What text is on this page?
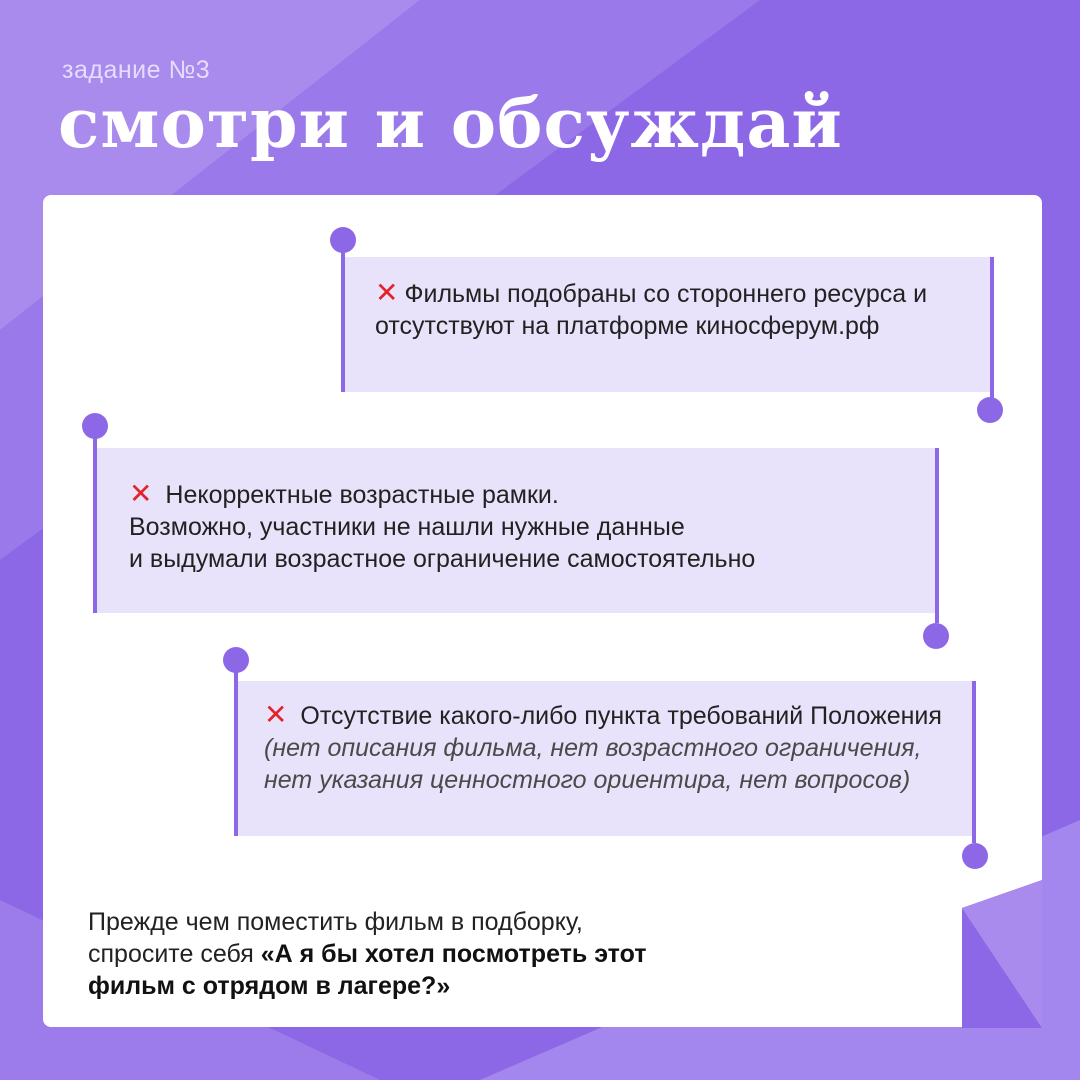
задание №3
смотри и обсуждай
✕ Фильмы подобраны со стороннего ресурса и отсутствуют на платформе киносферум.рф
✕ Некорректные возрастные рамки.
Возможно, участники не нашли нужные данные
и выдумали возрастное ограничение самостоятельно
✕ Отсутствие какого-либо пункта требований Положения (нет описания фильма, нет возрастного ограничения, нет указания ценностного ориентира, нет вопросов)
Прежде чем поместить фильм в подборку, спросите себя «А я бы хотел посмотреть этот фильм с отрядом в лагере?»
